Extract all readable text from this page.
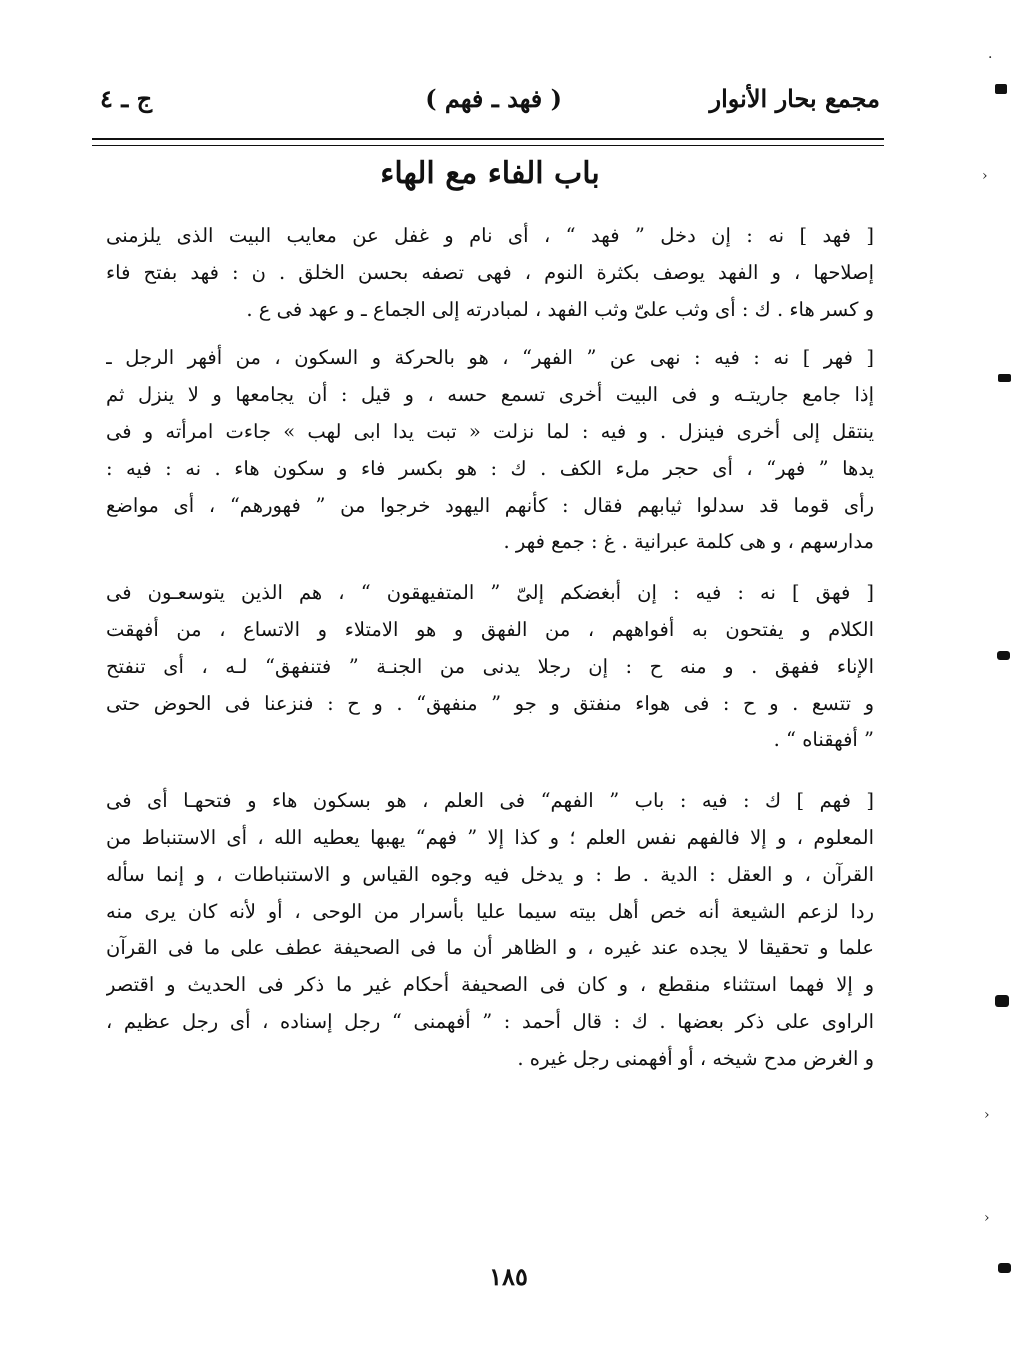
مجمع بحار الأنوار
( فهد ـ فهم )
ج ـ ٤
باب الفاء مع الهاء
[ فهد ] نه : إن دخل ” فهد “ ، أى نام و غفل عن معايب البيت الذى يلزمنى
إصلاحها ، و الفهد يوصف بكثرة النوم ، فهى تصفه بحسن الخلق . ن : فهد بفتح فاء
و كسر هاء . ك : أى وثب علىّ وثب الفهد ، لمبادرته إلى الجماع ـ و عهد فى ع .
[ فهر ] نه : فيه : نهى عن ” الفهر“ ، هو بالحركة و السكون ، من أفهر الرجل ـ
إذا جامع جاريتـه و فى البيت أخرى تسمع حسه ، و قيل : أن يجامعها و لا ينزل ثم
ينتقل إلى أخرى فينزل . و فيه : لما نزلت « تبت يدا ابى لهب » جاءت امرأته و فى
يدها ” فهر“ ، أى حجر ملء الكف . ك : هو بكسر فاء و سكون هاء . نه : فيه :
رأى قوما قد سدلوا ثيابهم فقال : كأنهم اليهود خرجوا من ” فهورهم“ ، أى مواضع
مدارسهم ، و هى كلمة عبرانية . غ : جمع فهر .
[ فهق ] نه : فيه : إن أبغضكم إلىّ ” المتفيهقون “ ، هم الذين يتوسعـون فى
الكلام و يفتحون به أفواههم ، من الفهق و هو الامتلاء و الاتساع ، من أفهقت
الإناء ففهق . و منه ح : إن رجلا يدنى من الجنـة ” فتنفهق“ لـه ، أى تنفتح
و تتسع . و ح : فى هواء منفتق و جو ” منفهق“ . و ح : فنزعنا فى الحوض حتى
” أفهقناه “ .
[ فهم ] ك : فيه : باب ” الفهم“ فى العلم ، هو بسكون هاء و فتحهـا أى فى
المعلوم ، و إلا فالفهم نفس العلم ؛ و كذا إلا ” فهم“ يهبها يعطيه الله ، أى الاستنباط من
القرآن ، و العقل : الدية . ط : و يدخل فيه وجوه القياس و الاستنباطات ، و إنما سأله
ردا لزعم الشيعة أنه خص أهل بيته سيما عليا بأسرار من الوحى ، أو لأنه كان يرى منه
علما و تحقيقا لا يجده عند غيره ، و الظاهر أن ما فى الصحيفة عطف على ما فى القرآن
و إلا فهما استثناء منقطع ، و كان فى الصحيفة أحكام غير ما ذكر فى الحديث و اقتصر
الراوى على ذكر بعضها . ك : قال أحمد : ” أفهمنى “ رجل إسناده ، أى رجل عظيم ،
و الغرض مدح شيخه ، أو أفهمنى رجل غيره .
١٨٥
·
›
›
›
